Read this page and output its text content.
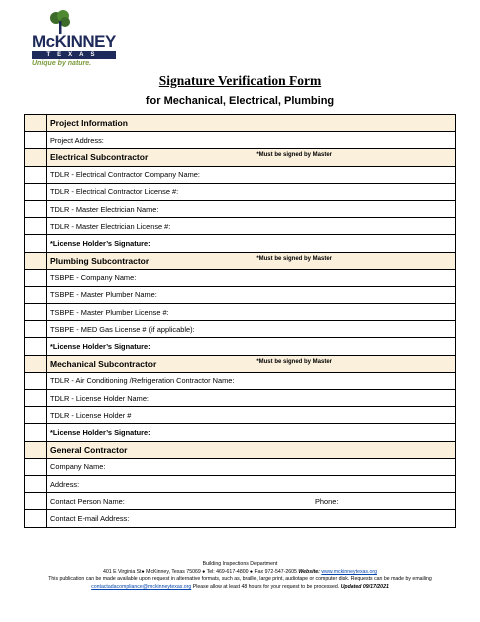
McKINNEY
TEXAS
Unique by nature.
Signature Verification Form
for Mechanical, Electrical, Plumbing
	Project Information
	Project Address:
	Electrical Subcontractor *Must be signed by Master

	TDLR - Electrical Contractor Company Name:
	TDLR - Electrical Contractor License #:
	TDLR - Master Electrician Name:
	TDLR - Master Electrician License #:
	*License Holder’s Signature:
	Plumbing Subcontractor *Must be signed by Master

	TSBPE - Company Name:
	TSBPE - Master Plumber Name:
	TSBPE - Master Plumber License #:
	TSBPE - MED Gas License # (if applicable):
	*License Holder’s Signature:
	Mechanical Subcontractor *Must be signed by Master

	TDLR - Air Conditioning /Refrigeration Contractor Name:
	TDLR - License Holder Name:
	TDLR - License Holder #
	*License Holder’s Signature:
	General Contractor
	Company Name:
	Address:
	Contact Person Name: Phone:

	Contact E-mail Address:
Building Inspections Department
401 E Virginia St● McKinney, Texas 75069 ● Tel: 469-617-4800 ● Fax 972-547-2605 Website: www.mckinneytexas.org
This publication can be made available upon request in alternative formats, such as, braille, large print, audiotape or computer disk. Requests can be made by emailing
contactadacompliance@mckinneytexas.org Please allow at least 48 hours for your request to be processed. Updated 09/17/2021
